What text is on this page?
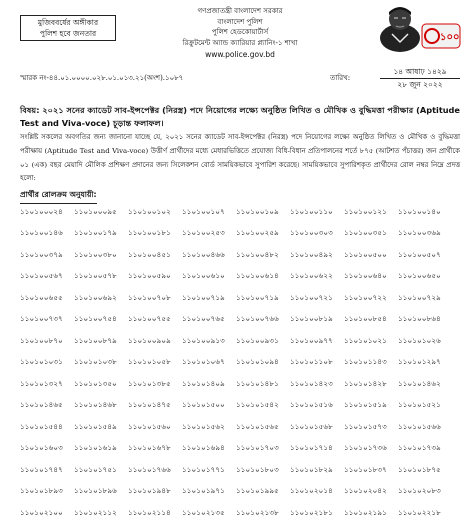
মুজিববর্ষের অঙ্গীকার
পুলিশ হবে জনতার
গণপ্রজাতন্ত্রী বাংলাদেশ সরকার
বাংলাদেশ পুলিশ
পুলিশ হেডকোয়ার্টার্স
রিক্রুটমেন্ট অ্যান্ড ক্যারিয়ার প্ল্যানিং-১ শাখা
www.police.gov.bd
১০০
স্মারক নং-৪৪.০১.০০০০.০২৮.০১.০১৩.২১(অংশ).১০৮৭	তারিখ:
১৪ আষাঢ় ১৪২৯
২৮ জুন ২০২২
বিষয়: ২০২১ সনের ক্যাডেট সাব-ইন্সপেক্টর (নিরস্ত্র) পদে নিয়োগের লক্ষ্যে অনুষ্ঠিত লিখিত ও মৌখিক ও বুদ্ধিমত্তা পরীক্ষার (Aptitude Test and Viva-voce) চূড়ান্ত ফলাফল।
সংশ্লিষ্ট সকলের অবগতির জন্য জানানো যাচ্ছে যে, ২০২১ সনের ক্যাডেট সাব-ইন্সপেক্টর (নিরস্ত্র) পদে নিয়োগের লক্ষ্যে অনুষ্ঠিত লিখিত ও মৌখিক ও বুদ্ধিমত্তা পরীক্ষায় (Aptitude Test and Viva-voce) উত্তীর্ণ প্রার্থীদের মধ্যে মেধারভিত্তিতে প্রযোজ্য বিধি-বিধান প্রতিপালনের শর্তে ৮৭৫ (আটশত পঁচাত্তর) জন প্রার্থীকে ০১ (এক) বছর মেয়াদি মৌলিক প্রশিক্ষণ প্রদানের জন্য সিলেকশন বোর্ড সাময়িকভাবে সুপারিশ করেছে। সাময়িকভাবে সুপারিশকৃত প্রার্থীদের রোল নম্বর নিম্নে প্রদত্ত হলো:
প্রার্থীর রোলক্রম অনুযায়ী:
১১০১০০০২৪	১১০১০০০৯৫	১১০১০০১০২	১১০১০০১০৭	১১০১০০১০৯	১১০১০০১১০	১১০১০০১২১	১১০১০০১৪০
১১০১০০১৪৬	১১০১০০১৭৯	১১০১০০১৮১	১১০১০০২৫৩	১১০১০০২৫৯	১১০১০০৩০৩	১১০১০০৩৫১	১১০১০০৩৬৯
১১০১০০৩৭৯	১১০১০০৩৮০	১১০১০০৪৫১	১১০১০০৪৬৬	১১০১০০৪৮২	১১০১০০৪৯২	১১০১০০৫০০	১১০১০০৫০৭
১১০১০০৫৬৭	১১০১০০৫৭৮	১১০১০০৫৯০	১১০১০০৬১০	১১০১০০৬১৪	১১০১০০৬২২	১১০১০০৬৪০	১১০১০০৬৫০
১১০১০০৬৫৫	১১০১০০৬৯২	১১০১০০৭০৮	১১০১০০৭১৯	১১০১০০৭১৯	১১০১০০৭২১	১১০১০০৭২২	১১০১০০৭২৯
১১০১০০৭৩৭	১১০১০০৭৫৪	১১০১০০৭৫৫	১১০১০০৭৬৫	১১০১০০৭৬৬	১১০১০০৮১৯	১১০১০০৮৫৪	১১০১০০৮৬৪
১১০১০০৮৭০	১১০১০০৮৭৯	১১০১০০৯০৯	১১০১০০৯১৩	১১০১০০৯৩১	১১০১০০৯৭৭	১১০১০১০২১	১১০১০১০২৬
১১০১০১০৩১	১১০১০১০৩৮	১১০১০১০৫৮	১১০১০১০৬৭	১১০১০১০৯৪	১১০১০১১০৮	১১০১০১১৪৩	১১০১০১২৯৭
১১০১০১৩২৭	১১০১০১৩৫০	১১০১০১৩৮৫	১১০১০১৪০৯	১১০১০১৪৮১	১১০১০১৪২৩	১১০১০১৪২৮	১১০১০১৪৬২
১১০১০১৪৬৫	১১০১০১৪৬৮	১১০১০১৪৭৫	১১০১০১৫০০	১১০১০১৫৪২	১১০১০১৫১৬	১১০১০১৫১৯	১১০১০১৫২১
১১০১০১৫৪৪	১১০১০১৫৪৯	১১০১০১৫৬০	১১০১০১৫৬২	১১০১০১৫৬৫	১১০১০১৫৬৮	১১০১০১৫৭৩	১১০১০১৫৬৬
১১০১০১৬০৩	১১০১০১৬১৯	১১০১০১৬৭৮	১১০১০১৬৯৪	১১০১০১৭০৩	১১০১০১৭১৪	১১০১০১৭৩৬	১১০১০১৭৩৯
১১০১০১৭৪৭	১১০১০১৭৫১	১১০১০১৭৬৬	১১০১০১৭৭১	১১০১০১৮০৩	১১০১০১৮২৯	১১০১০১৮৩৭	১১০১০১৮৭৫
১১০১০১৮৯৩	১১০১০১৮৯৬	১১০১০১৯৪৮	১১০১০১৯৭১	১১০১০১৯৯৫	১১০১০২০১৪	১১০১০২০৪২	১১০১০২০৮৩
১১০১০২১০০	১১০১০২১১২	১১০১০২১১৪	১১০১০২১৩৫	১১০১০২১৩৮	১১০১০২১৮১	১১০১০২১৯১	১১০১০২২১৮
